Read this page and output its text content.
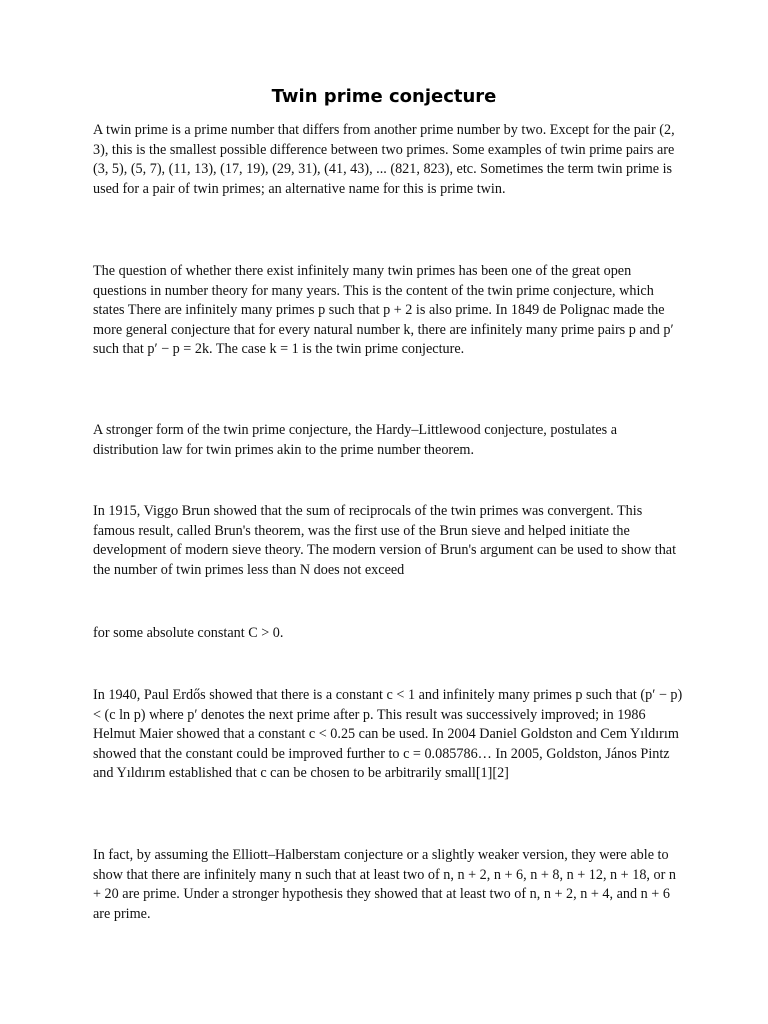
Twin prime conjecture

A twin prime is a prime number that differs from another prime number by two. Except for the pair (2, 3), this is the smallest possible difference between two primes. Some examples of twin prime pairs are (3, 5), (5, 7), (11, 13), (17, 19), (29, 31), (41, 43), ... (821, 823), etc. Sometimes the term twin prime is used for a pair of twin primes; an alternative name for this is prime twin.

The question of whether there exist infinitely many twin primes has been one of the great open questions in number theory for many years. This is the content of the twin prime conjecture, which states There are infinitely many primes p such that p + 2 is also prime. In 1849 de Polignac made the more general conjecture that for every natural number k, there are infinitely many prime pairs p and p′ such that p′ − p = 2k. The case k = 1 is the twin prime conjecture.

A stronger form of the twin prime conjecture, the Hardy–Littlewood conjecture, postulates a distribution law for twin primes akin to the prime number theorem.

In 1915, Viggo Brun showed that the sum of reciprocals of the twin primes was convergent. This famous result, called Brun's theorem, was the first use of the Brun sieve and helped initiate the development of modern sieve theory. The modern version of Brun's argument can be used to show that the number of twin primes less than N does not exceed

for some absolute constant C > 0.

In 1940, Paul Erdős showed that there is a constant c < 1 and infinitely many primes p such that (p′ − p) < (c ln p) where p′ denotes the next prime after p. This result was successively improved; in 1986 Helmut Maier showed that a constant c < 0.25 can be used. In 2004 Daniel Goldston and Cem Yıldırım showed that the constant could be improved further to c = 0.085786… In 2005, Goldston, János Pintz and Yıldırım established that c can be chosen to be arbitrarily small[1][2]

In fact, by assuming the Elliott–Halberstam conjecture or a slightly weaker version, they were able to show that there are infinitely many n such that at least two of n, n + 2, n + 6, n + 8, n + 12, n + 18, or n + 20 are prime. Under a stronger hypothesis they showed that at least two of n, n + 2, n + 4, and n + 6 are prime.
